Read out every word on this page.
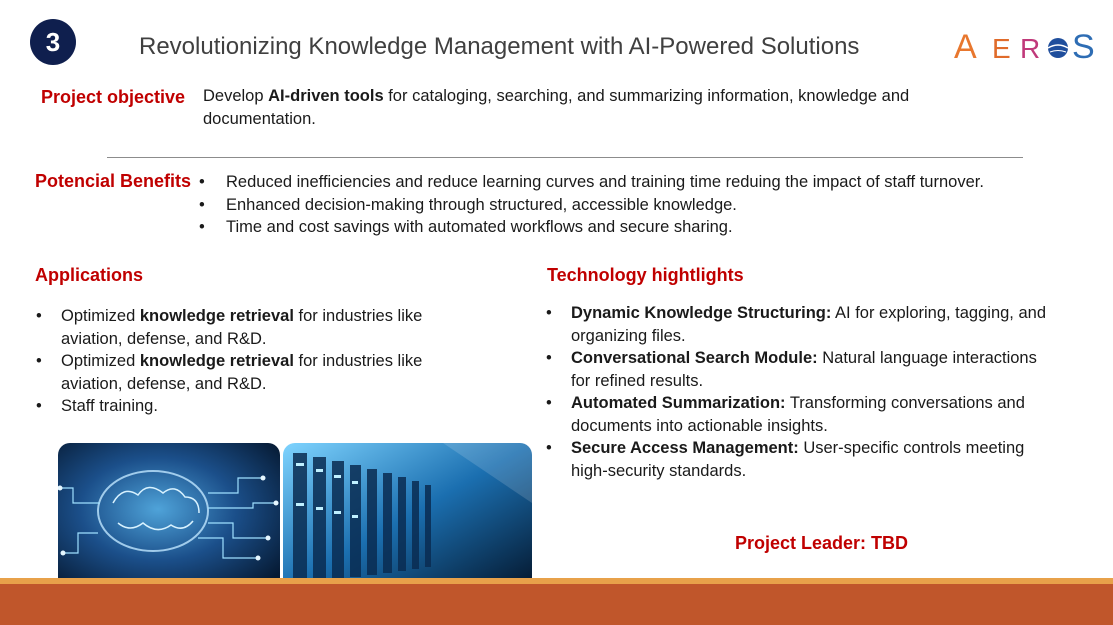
3	Revolutionizing Knowledge Management with AI-Powered Solutions	A E R S
Project objective Develop AI-driven tools for cataloging, searching, and summarizing information, knowledge and documentation.
Potencial Benefits
•	Reduced inefficiencies and reduce learning curves and training time reduing the impact of staff turnover.
• Enhanced decision-making through structured, accessible knowledge.
• Time and cost savings with automated workflows and secure sharing.
Applications
• Optimized knowledge retrieval for industries like aviation, defense, and R&D.
• Optimized knowledge retrieval for industries like aviation, defense, and R&D.
• Staff training.
Technology hightlights
• Dynamic Knowledge Structuring: AI for exploring, tagging, and organizing files.
• Conversational Search Module: Natural language interactions for refined results.
• Automated Summarization: Transforming conversations and documents into actionable insights.
• Secure Access Management: User-specific controls meeting high-security standards.
Project Leader: TBD
